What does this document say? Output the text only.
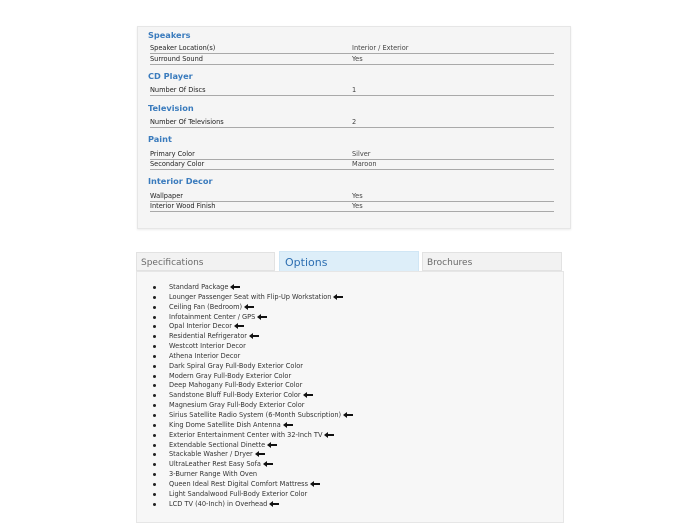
Speakers
Speaker Location(s)	Interior / Exterior
Surround Sound	Yes
CD Player
Number Of Discs	1
Television
Number Of Televisions	2
Paint
Primary Color	Silver
Secondary Color	Maroon
Interior Decor
Wallpaper	Yes
Interior Wood Finish	Yes
Specifications	Options	Brochures
Standard Package
Lounger Passenger Seat with Flip-Up Workstation
Ceiling Fan (Bedroom)
Infotainment Center / GPS
Opal Interior Decor
Residential Refrigerator
Westcott Interior Decor
Athena Interior Decor
Dark Spiral Gray Full-Body Exterior Color
Modern Gray Full-Body Exterior Color
Deep Mahogany Full-Body Exterior Color
Sandstone Bluff Full-Body Exterior Color
Magnesium Gray Full-Body Exterior Color
Sirius Satellite Radio System (6-Month Subscription)
King Dome Satellite Dish Antenna
Exterior Entertainment Center with 32-Inch TV
Extendable Sectional Dinette
Stackable Washer / Dryer
UltraLeather Rest Easy Sofa
3-Burner Range With Oven
Queen Ideal Rest Digital Comfort Mattress
Light Sandalwood Full-Body Exterior Color
LCD TV (40-Inch) in Overhead
